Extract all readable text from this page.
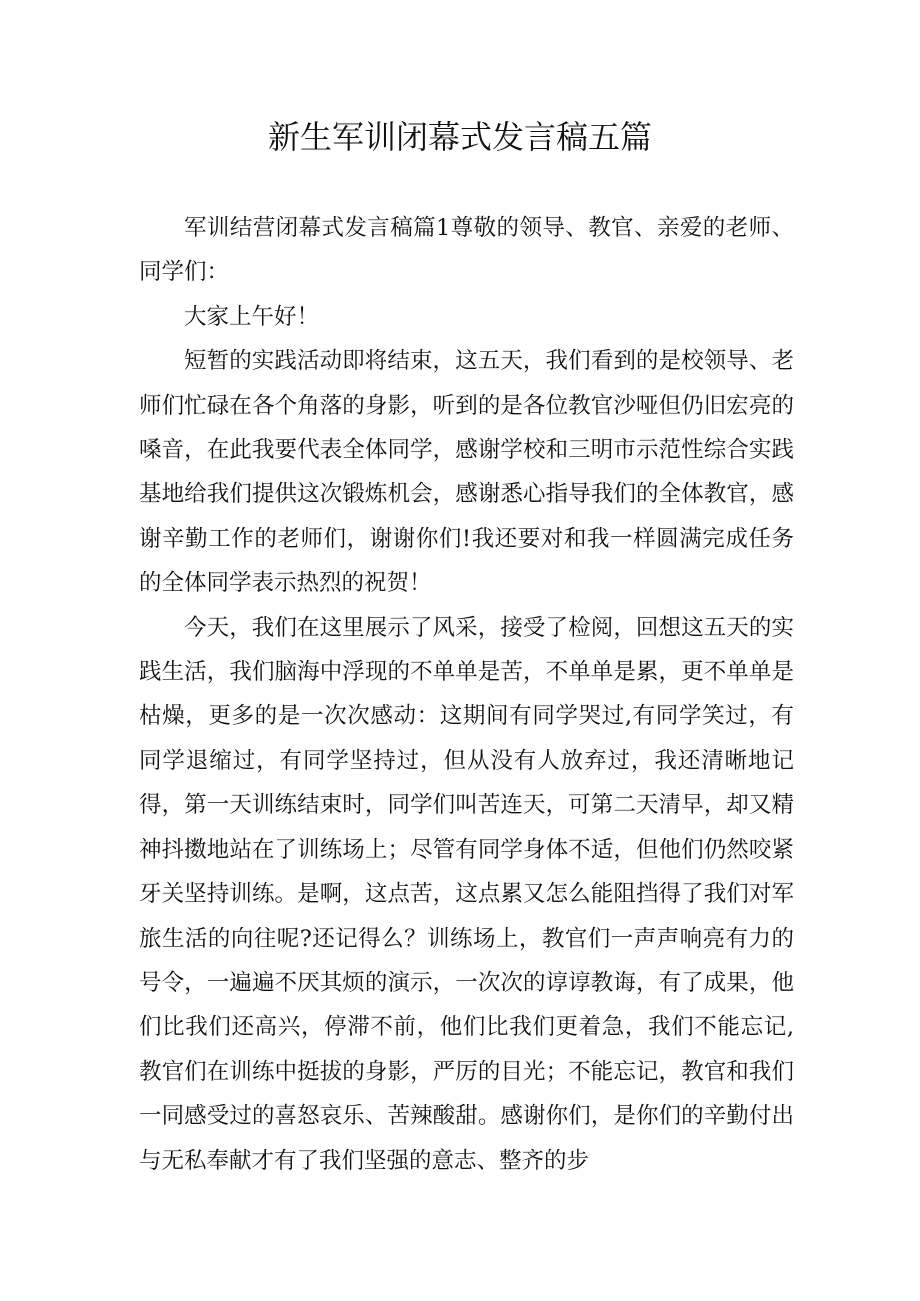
新生军训闭幕式发言稿五篇

军训结营闭幕式发言稿篇1尊敬的领导、教官、亲爱的老师、同学们：

大家上午好！

短暂的实践活动即将结束，这五天，我们看到的是校领导、老师们忙碌在各个角落的身影，听到的是各位教官沙哑但仍旧宏亮的嗓音，在此我要代表全体同学，感谢学校和三明市示范性综合实践基地给我们提供这次锻炼机会，感谢悉心指导我们的全体教官，感谢辛勤工作的老师们，谢谢你们!我还要对和我一样圆满完成任务的全体同学表示热烈的祝贺！

今天，我们在这里展示了风采，接受了检阅，回想这五天的实践生活，我们脑海中浮现的不单单是苦，不单单是累，更不单单是枯燥，更多的是一次次感动：这期间有同学哭过,有同学笑过，有同学退缩过，有同学坚持过，但从没有人放弃过，我还清晰地记得，第一天训练结束时，同学们叫苦连天，可第二天清早，却又精神抖擞地站在了训练场上；尽管有同学身体不适，但他们仍然咬紧牙关坚持训练。是啊，这点苦，这点累又怎么能阻挡得了我们对军旅生活的向往呢?还记得么？训练场上，教官们一声声响亮有力的号令，一遍遍不厌其烦的演示，一次次的谆谆教诲，有了成果，他们比我们还高兴，停滞不前，他们比我们更着急，我们不能忘记,教官们在训练中挺拔的身影，严厉的目光；不能忘记，教官和我们一同感受过的喜怒哀乐、苦辣酸甜。感谢你们，是你们的辛勤付出与无私奉献才有了我们坚强的意志、整齐的步
